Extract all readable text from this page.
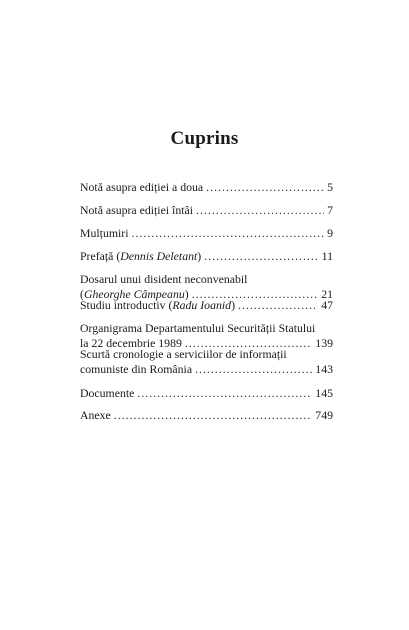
Cuprins
Notă asupra ediției a doua .....	5
Notă asupra ediției întâi .....	7
Mulțumiri .....	9
Prefață (Dennis Deletant) .....	11
Dosarul unui disident neconvenabil
(Gheorghe Câmpeanu) .....	21
Studiu introductiv (Radu Ioanid) .....	47
Organigrama Departamentului Securității Statului
la 22 decembrie 1989 .....	139
Scurtă cronologie a serviciilor de informații
comuniste din România .....	143
Documente .....	145
Anexe .....	749
